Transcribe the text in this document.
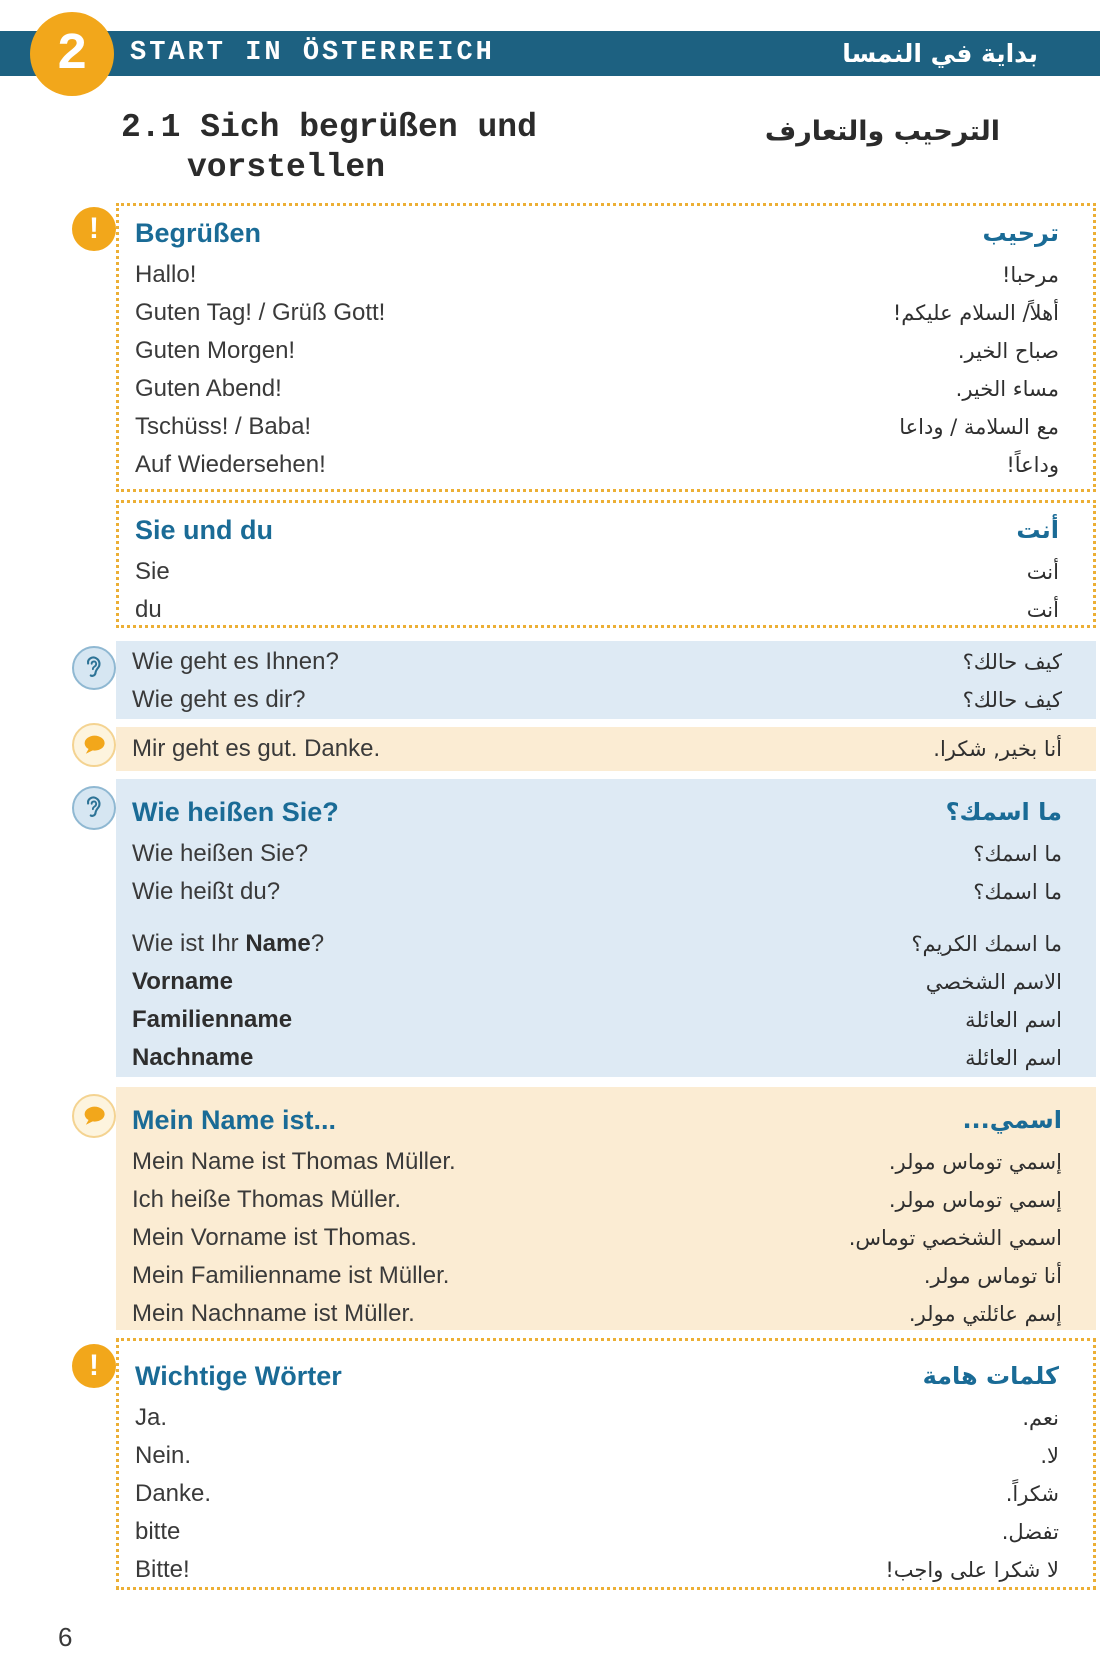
START IN ÖSTERREICH	بداية في النمسا
2
2.1 Sich begrüßen und
vorstellen
الترحيب والتعارف
!
!
Begrüßen	ترحيب
Hallo!	مرحبا!
Guten Tag! / Grüß Gott!	أهلاً/ السلام عليكم!
Guten Morgen!	صباح الخير.
Guten Abend!	مساء الخير.
Tschüss! / Baba!	مع السلامة / وداعا
Auf Wiedersehen!	وداعاً!
Sie und du	أنت
Sie	أنت
du	أنت
Wie geht es Ihnen?	كيف حالك؟
Wie geht es dir?	كيف حالك؟
Mir geht es gut. Danke.	أنا بخير, شكرا.
Wie heißen Sie?	ما اسمك؟
Wie heißen Sie?	ما اسمك؟
Wie heißt du?	ما اسمك؟
Wie ist Ihr Name?	ما اسمك الكريم؟
Vorname	الاسم الشخصي
Familienname	اسم العائلة
Nachname	اسم العائلة
Mein Name ist...	اسمي...
Mein Name ist Thomas Müller.	إسمي توماس مولر.
Ich heiße Thomas Müller.	إسمي توماس مولر.
Mein Vorname ist Thomas.	اسمي الشخصي توماس.
Mein Familienname ist Müller.	أنا توماس مولر.
Mein Nachname ist Müller.	إسم عائلتي مولر.
Wichtige Wörter	كلمات هامة
Ja.	نعم.
Nein.	لا.
Danke.	شكراً.
bitte	تفضل.
Bitte!	لا شكرا على واجب!
6
